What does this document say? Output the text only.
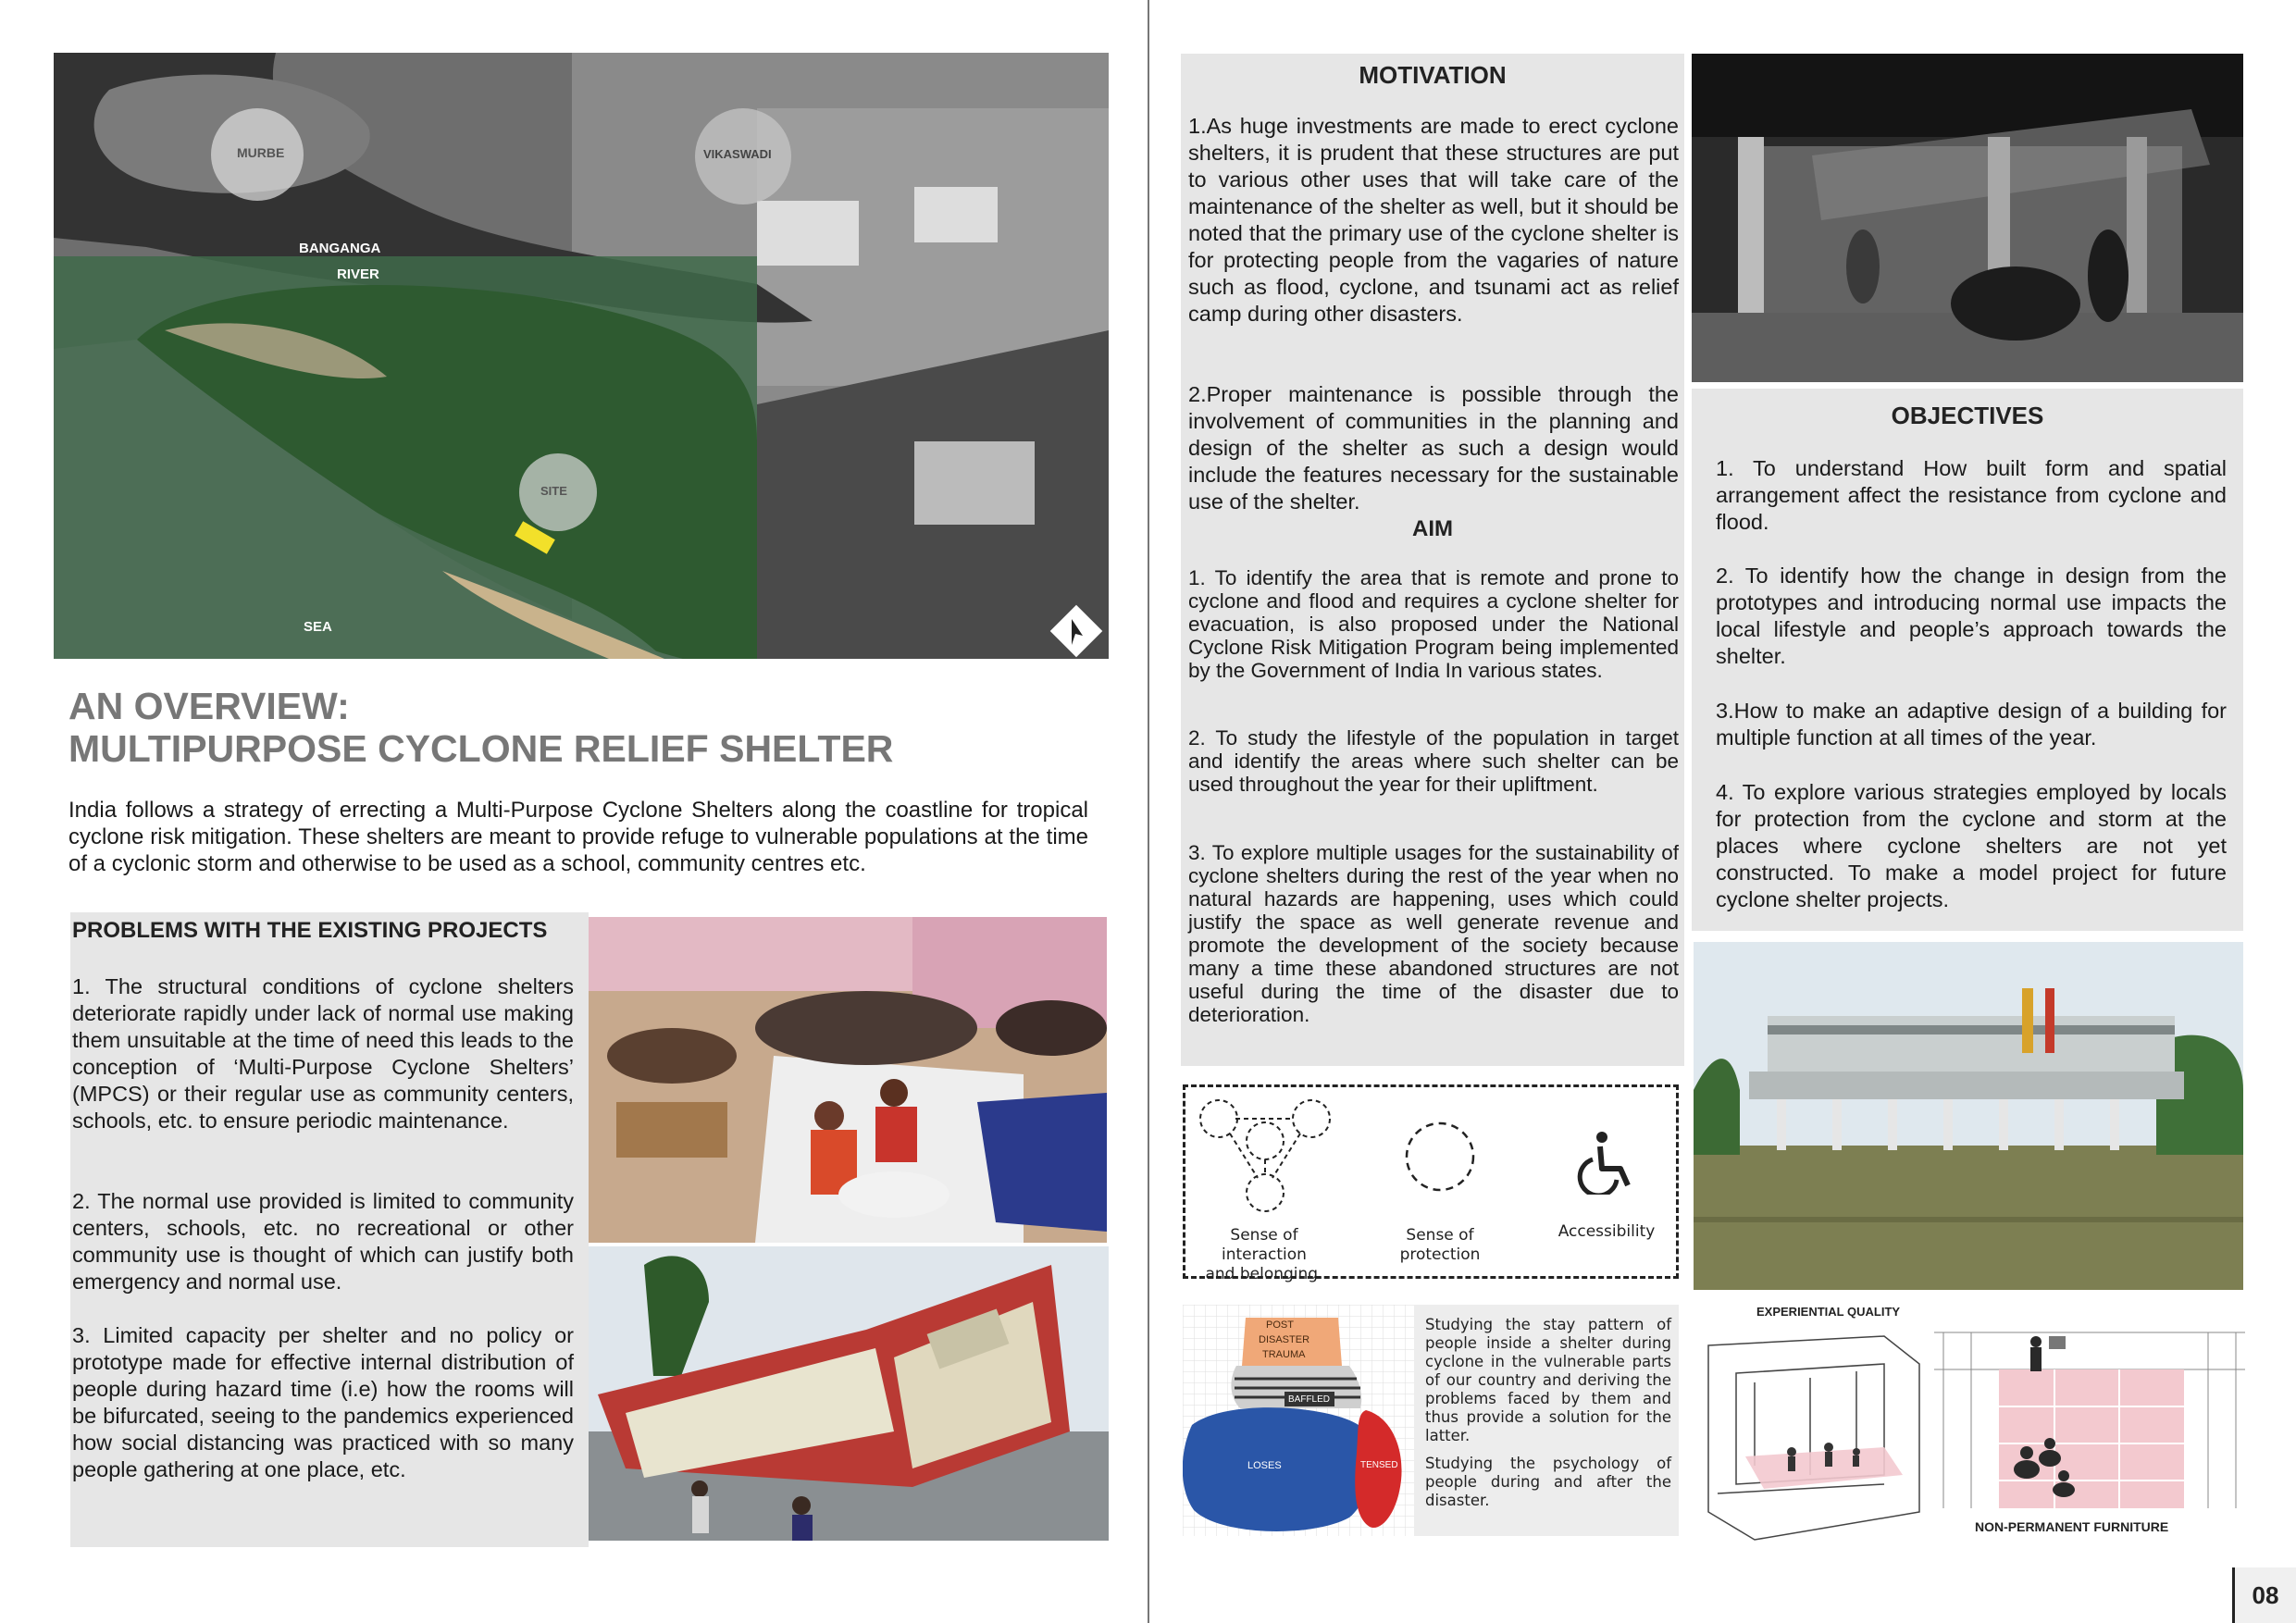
MURBE	VIKASWADI
BANGANGA
RIVER
SITE
SEA
AN OVERVIEW:
MULTIPURPOSE CYCLONE RELIEF SHELTER
India follows a strategy of errecting a Multi-Purpose Cyclone Shelters along the coastline for tropical cyclone risk mitigation. These shelters are meant to provide refuge to vulnerable populations at the time of a cyclonic storm and otherwise to be used as a school, community centres etc.
PROBLEMS WITH THE EXISTING PROJECTS
1. The structural conditions of cyclone shelters deteriorate rapidly under lack of normal use making them unsuitable at the time of need this leads to the conception of ‘Multi-Purpose Cyclone Shelters’ (MPCS) or their regular use as community centers, schools, etc. to ensure periodic maintenance.
2. The normal use provided is limited to community centers, schools, etc. no recreational or other community use is thought of which can justify both emergency and normal use.
3. Limited capacity per shelter and no policy or prototype made for effective internal distribution of people during hazard time (i.e) how the rooms will be bifurcated, seeing to the pandemics experienced how social distancing was practiced with so many people gathering at one place, etc.
MOTIVATION
1.As huge investments are made to erect cyclone shelters, it is prudent that these structures are put to various other uses that will take care of the maintenance of the shelter as well, but it should be noted that the primary use of the cyclone shelter is for protecting people from the vagaries of nature such as flood, cyclone, and tsunami act as relief camp during other disasters.
2.Proper maintenance is possible through the involvement of communities in the planning and design of the shelter as such a design would include the features necessary for the sustainable use of the shelter.
AIM
1. To identify the area that is remote and prone to cyclone and flood and requires a cyclone shelter for evacuation, is also proposed under the National Cyclone Risk Mitigation Program being implemented by the Government of India In various states.
2. To study the lifestyle of the population in target and identify the areas where such shelter can be used throughout the year for their upliftment.
3. To explore multiple usages for the sustainability of cyclone shelters during the rest of the year when no natural hazards are happening, uses which could justify the space as well generate revenue and promote the development of the society because many a time these abandoned structures are not useful during the time of the disaster due to deterioration.
OBJECTIVES
1. To understand How built form and spatial arrangement affect the resistance from cyclone and flood.
2. To identify how the change in design from the prototypes and introducing normal use impacts the local lifestyle and people’s approach towards the shelter.
3.How to make an adaptive design of a building for multiple function at all times of the year.
4. To explore various strategies employed by locals for protection from the cyclone and storm at the places where cyclone shelters are not yet constructed. To make a model project for future cyclone shelter projects.
Sense of interaction
and belonging.
Sense of
protection
Accessibility
POST
DISASTER
TRAUMA
BAFFLED
LOSES	TENSED
Studying the stay pattern of people inside a shelter during cyclone in the vulnerable parts of our country and deriving the problems faced by them and thus provide a solution for the latter.
Studying the psychology of people during and after the disaster.
EXPERIENTIAL QUALITY
NON-PERMANENT FURNITURE
08
